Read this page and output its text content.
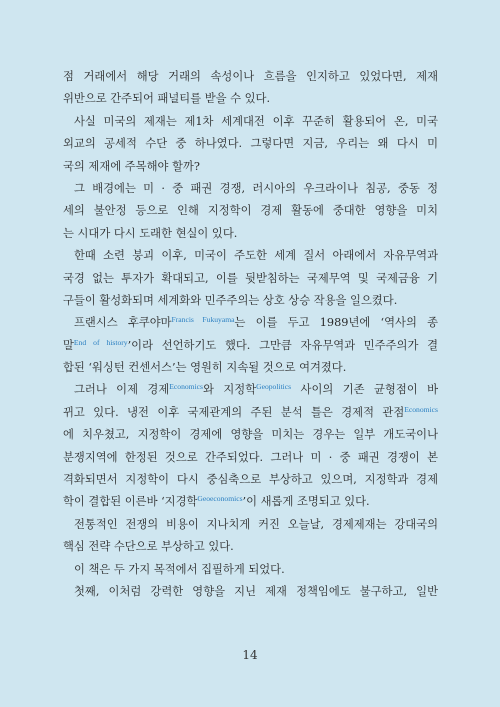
점 거래에서 해당 거래의 속성이나 흐름을 인지하고 있었다면, 제재
위반으로 간주되어 패널티를 받을 수 있다.
사실 미국의 제재는 제1차 세계대전 이후 꾸준히 활용되어 온, 미국
외교의 공세적 수단 중 하나였다. 그렇다면 지금, 우리는 왜 다시 미
국의 제재에 주목해야 할까?
그 배경에는 미 · 중 패권 경쟁, 러시아의 우크라이나 침공, 중동 정
세의 불안정 등으로 인해 지정학이 경제 활동에 중대한 영향을 미치
는 시대가 다시 도래한 현실이 있다.
한때 소련 붕괴 이후, 미국이 주도한 세계 질서 아래에서 자유무역과
국경 없는 투자가 확대되고, 이를 뒷받침하는 국제무역 및 국제금융 기
구들이 활성화되며 세계화와 민주주의는 상호 상승 작용을 일으켰다.
프랜시스 후쿠야마$^{Francis Fukuyama}$는 이를 두고 1989년에 ‘역사의 종
말$^{End of history}$’이라 선언하기도 했다. 그만큼 자유무역과 민주주의가 결
합된 ‘워싱턴 컨센서스’는 영원히 지속될 것으로 여겨졌다.
그러나 이제 경제$^{Economics}$와 지정학$^{Geopolitics}$ 사이의 기존 균형점이 바
뀌고 있다. 냉전 이후 국제관계의 주된 분석 틀은 경제적 관점$^{Economics}$
에 치우쳤고, 지정학이 경제에 영향을 미치는 경우는 일부 개도국이나
분쟁지역에 한정된 것으로 간주되었다. 그러나 미 · 중 패권 경쟁이 본
격화되면서 지정학이 다시 중심축으로 부상하고 있으며, 지정학과 경제
학이 결합된 이른바 ‘지경학$^{Geoeconomics}$’이 새롭게 조명되고 있다.
전통적인 전쟁의 비용이 지나치게 커진 오늘날, 경제제재는 강대국의
핵심 전략 수단으로 부상하고 있다.
이 책은 두 가지 목적에서 집필하게 되었다.
첫째, 이처럼 강력한 영향을 지닌 제재 정책임에도 불구하고, 일반
14
